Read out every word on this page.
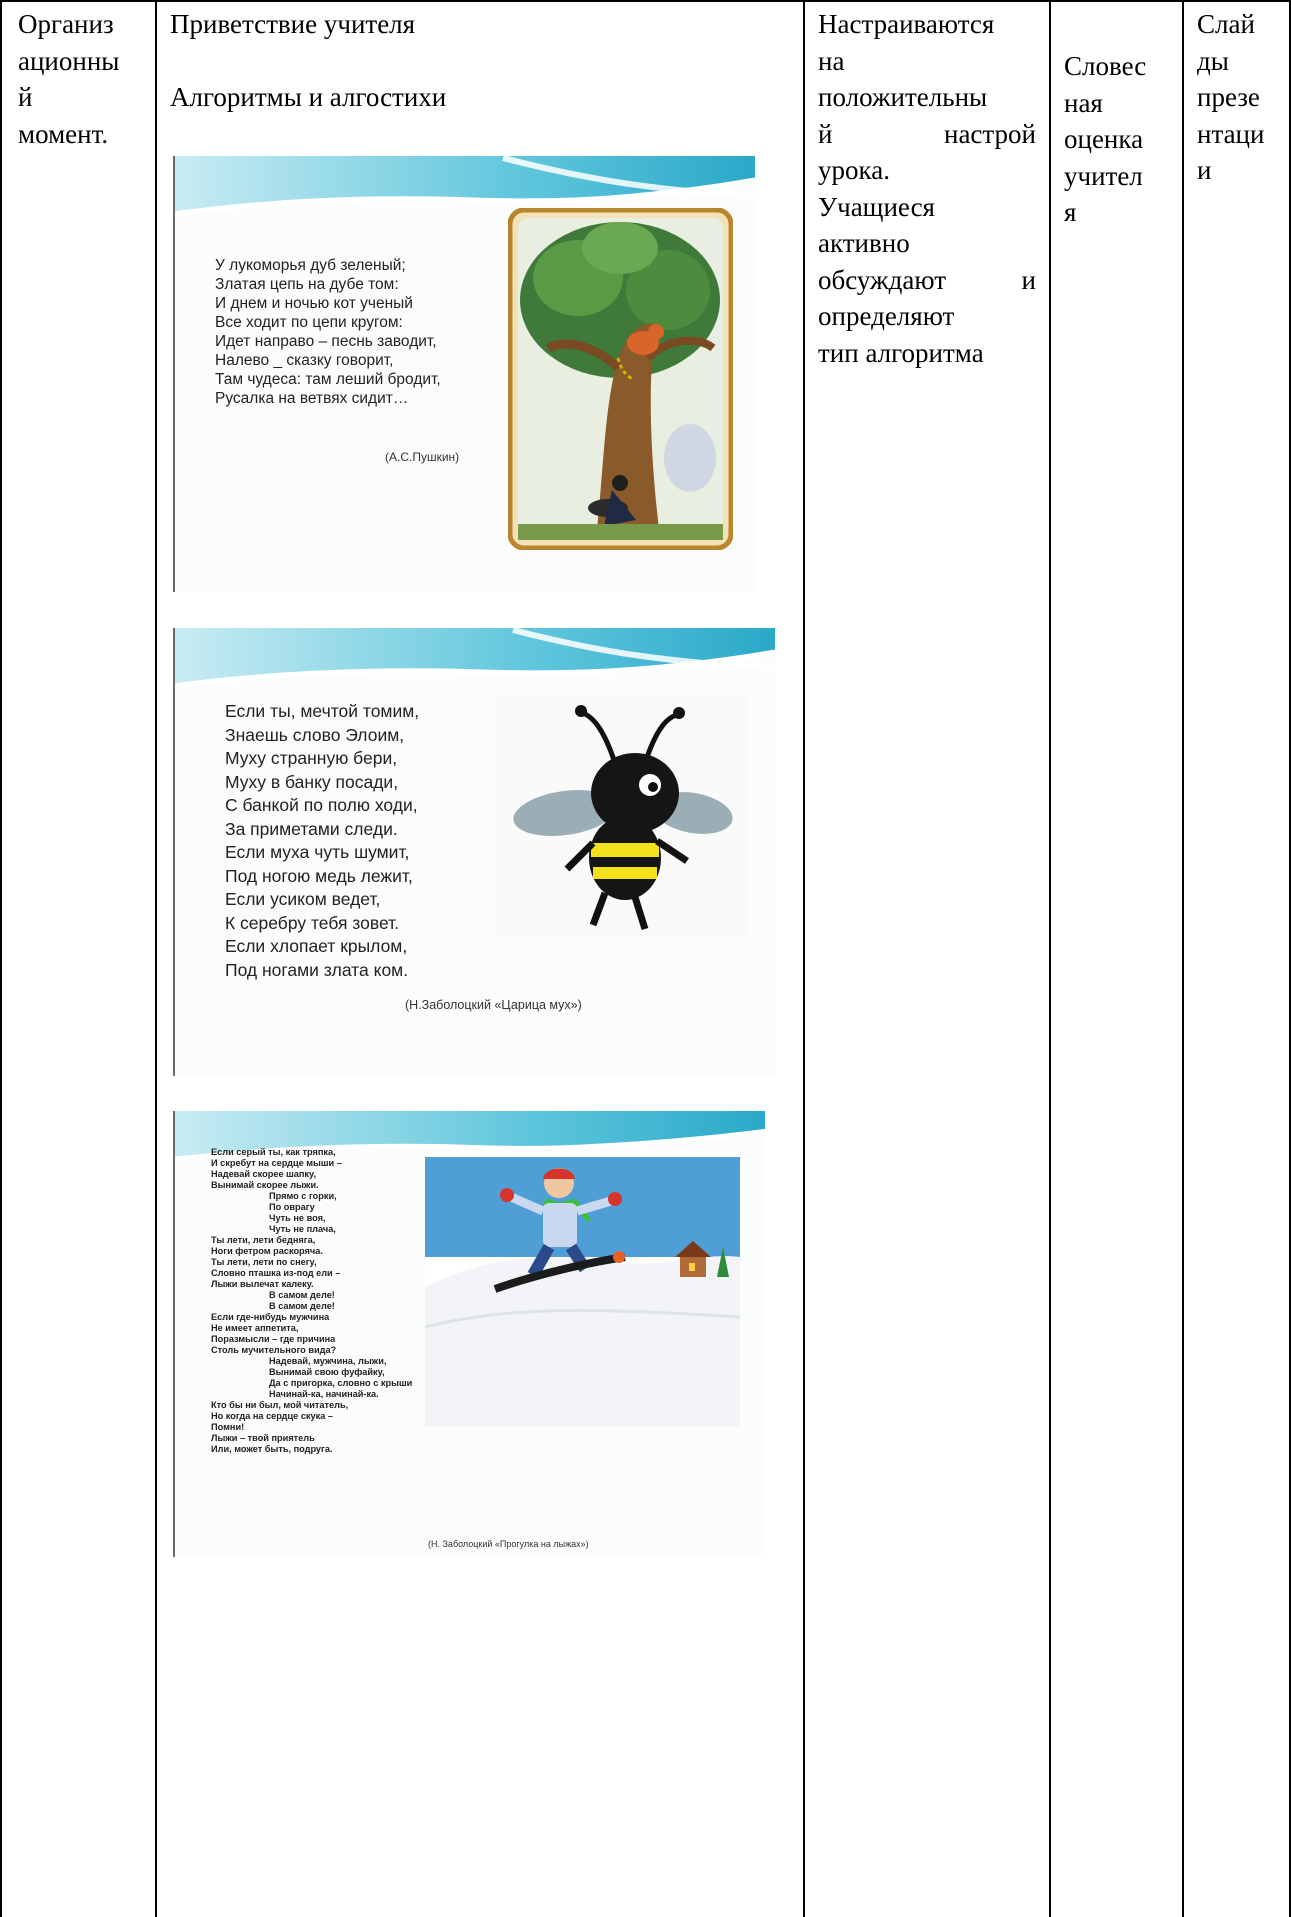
Организ
ационны
й
момент.
Приветствие учителя
Алгоритмы и алгостихи
У лукоморья дуб зеленый;
Златая цепь на дубе том:
И днем и ночью кот ученый
Все ходит по цепи кругом:
Идет направо – песнь заводит,
Налево _ сказку говорит,
Там чудеса: там леший бродит,
Русалка на ветвях сидит…
(А.С.Пушкин)
Если ты, мечтой томим,
Знаешь слово Элоим,
Муху странную бери,
Муху в банку посади,
С банкой по полю ходи,
За приметами следи.
Если муха чуть шумит,
Под ногою медь лежит,
Если усиком ведет,
К серебру тебя зовет.
Если хлопает крылом,
Под ногами злата ком.
(Н.Заболоцкий «Царица мух»)
Если серый ты, как тряпка,
И скребут на сердце мыши –
Надевай скорее шапку,
Вынимай скорее лыжи.
Прямо с горки,
По оврагу
Чуть не воя,
Чуть не плача,
Ты лети, лети бедняга,
Ноги фетром раскоряча.
Ты лети, лети по снегу,
Словно пташка из-под ели –
Лыжи вылечат калеку.
В самом деле!
В самом деле!
Если где-нибудь мужчина
Не имеет аппетита,
Поразмысли – где причина
Столь мучительного вида?
Надевай, мужчина, лыжи,
Вынимай свою фуфайку,
Да с пригорка, словно с крыши
Начинай-ка, начинай-ка.
Кто бы ни был, мой читатель,
Но когда на сердце скука –
Помни!
Лыжи – твой приятель
Или, может быть, подруга.
(Н. Заболоцкий «Прогулка на лыжах»)
Настраиваются
на
положительны
й	настрой
урока.
Учащиеся
активно
обсуждают	и
определяют
тип алгоритма
Словес
ная
оценка
учител
я
Слай
ды
презе
нтаци
и
